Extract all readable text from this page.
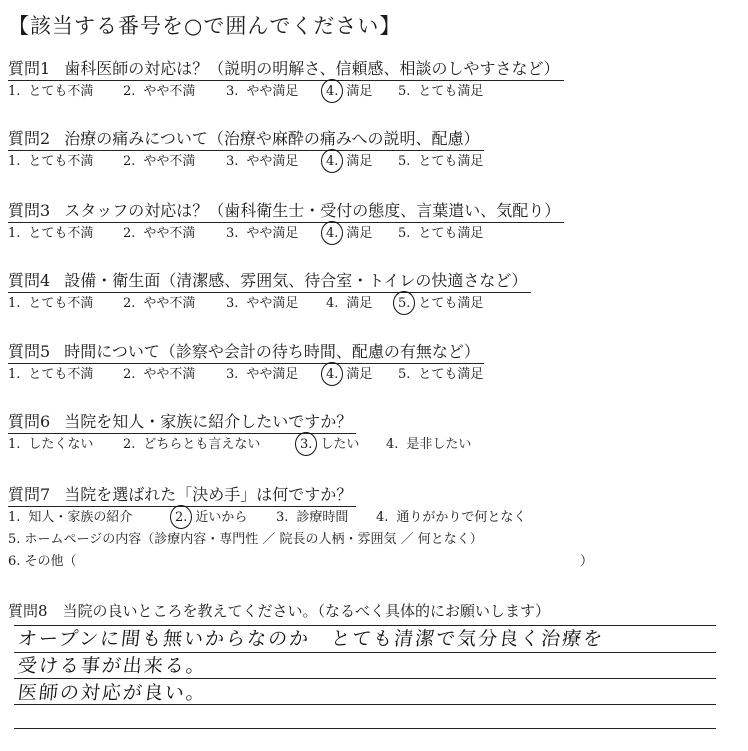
【該当する番号を○で囲んでください】
質問1 歯科医師の対応は？（説明の明解さ、信頼感、相談のしやすさなど）
1. とても不満 2. やや不満 3. やや満足 4. 満足 5. とても満足
質問2 治療の痛みについて（治療や麻酔の痛みへの説明、配慮）
1. とても不満 2. やや不満 3. やや満足 4. 満足 5. とても満足
質問3 スタッフの対応は？（歯科衛生士・受付の態度、言葉遣い、気配り）
1. とても不満 2. やや不満 3. やや満足 4. 満足 5. とても満足
質問4 設備・衛生面（清潔感、雰囲気、待合室・トイレの快適さなど）
1. とても不満 2. やや不満 3. やや満足 4. 満足 5. とても満足
質問5 時間について（診察や会計の待ち時間、配慮の有無など）
1. とても不満 2. やや不満 3. やや満足 4. 満足 5. とても満足
質問6 当院を知人・家族に紹介したいですか？
1. したくない 2. どちらとも言えない	3. したい 4. 是非したい
質問7 当院を選ばれた「決め手」は何ですか？
1. 知人・家族の紹介	2. 近いから 3. 診療時間 4. 通りがかりで何となく
5. ホームページの内容（診療内容・専門性 ／ 院長の人柄・雰囲気 ／ 何となく）
6. その他（	）
質問8　当院の良いところを教えてください。（なるべく具体的にお願いします）
オープンに間も無いからなのか　とても清潔で気分良く治療を
受ける事が出来る。
医師の対応が良い。
